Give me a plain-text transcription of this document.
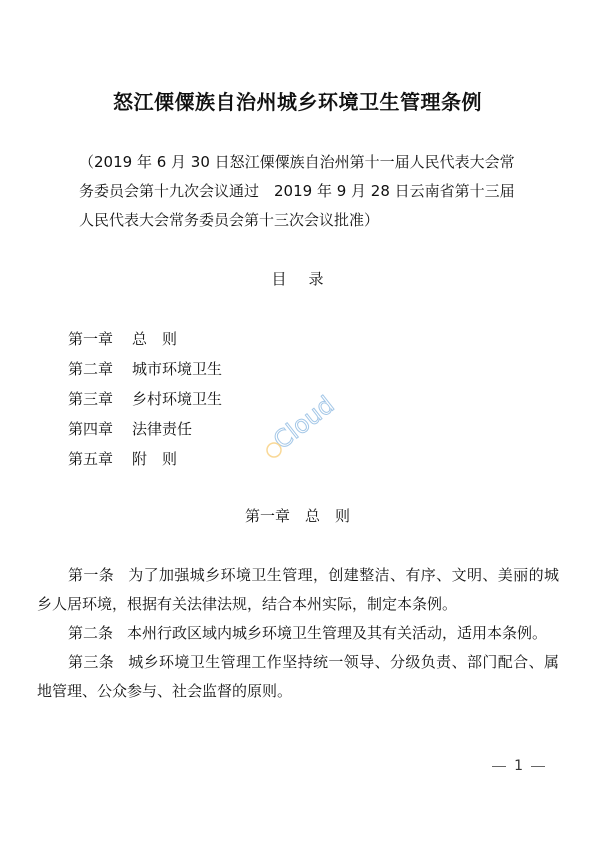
怒江傈僳族自治州城乡环境卫生管理条例
（2019 年 6 月 30 日怒江傈僳族自治州第十一届人民代表大会常
务委员会第十九次会议通过　2019 年 9 月 28 日云南省第十三届
人民代表大会常务委员会第十三次会议批准）
目录
第一章 总　则
第二章 城市环境卫生
第三章 乡村环境卫生
第四章 法律责任
第五章 附　则
Cloud
第一章　总　则
第一条 为了加强城乡环境卫生管理，创建整洁、有序、文明、美丽的城乡人居环境，根据有关法律法规，结合本州实际，制定本条例。
第二条 本州行政区域内城乡环境卫生管理及其有关活动，适用本条例。
第三条 城乡环境卫生管理工作坚持统一领导、分级负责、部门配合、属地管理、公众参与、社会监督的原则。
1
